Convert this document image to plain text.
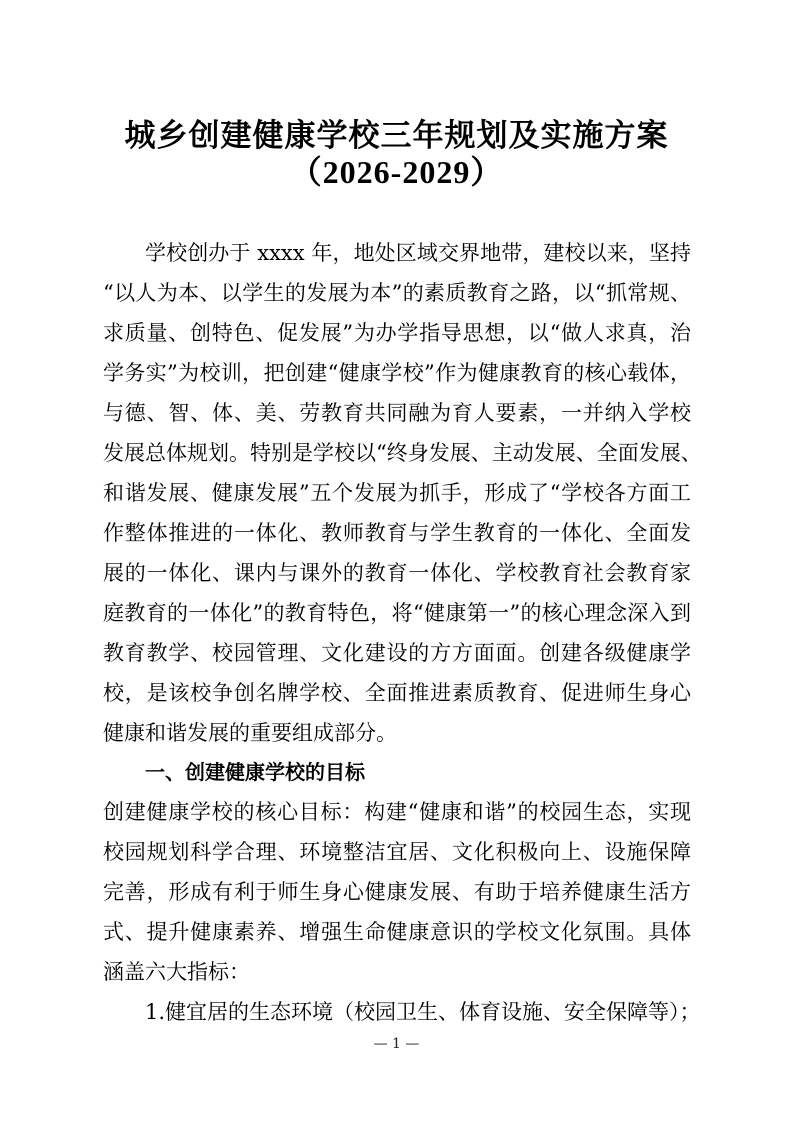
城乡创建健康学校三年规划及实施方案
（2026-2029）
学校创办于 xxxx 年，地处区域交界地带，建校以来，坚持
“以人为本、以学生的发展为本”的素质教育之路，以“抓常规、
求质量、创特色、促发展”为办学指导思想，以“做人求真，治
学务实”为校训，把创建“健康学校”作为健康教育的核心载体，
与德、智、体、美、劳教育共同融为育人要素，一并纳入学校
发展总体规划。特别是学校以“终身发展、主动发展、全面发展、
和谐发展、健康发展”五个发展为抓手，形成了“学校各方面工
作整体推进的一体化、教师教育与学生教育的一体化、全面发
展的一体化、课内与课外的教育一体化、学校教育社会教育家
庭教育的一体化”的教育特色，将“健康第一”的核心理念深入到
教育教学、校园管理、文化建设的方方面面。创建各级健康学
校，是该校争创名牌学校、全面推进素质教育、促进师生身心
健康和谐发展的重要组成部分。
一、创建健康学校的目标
创建健康学校的核心目标：构建“健康和谐”的校园生态，实现
校园规划科学合理、环境整洁宜居、文化积极向上、设施保障
完善，形成有利于师生身心健康发展、有助于培养健康生活方
式、提升健康素养、增强生命健康意识的学校文化氛围。具体
涵盖六大指标：
1.健宜居的生态环境（校园卫生、体育设施、安全保障等）；
— 1 —
